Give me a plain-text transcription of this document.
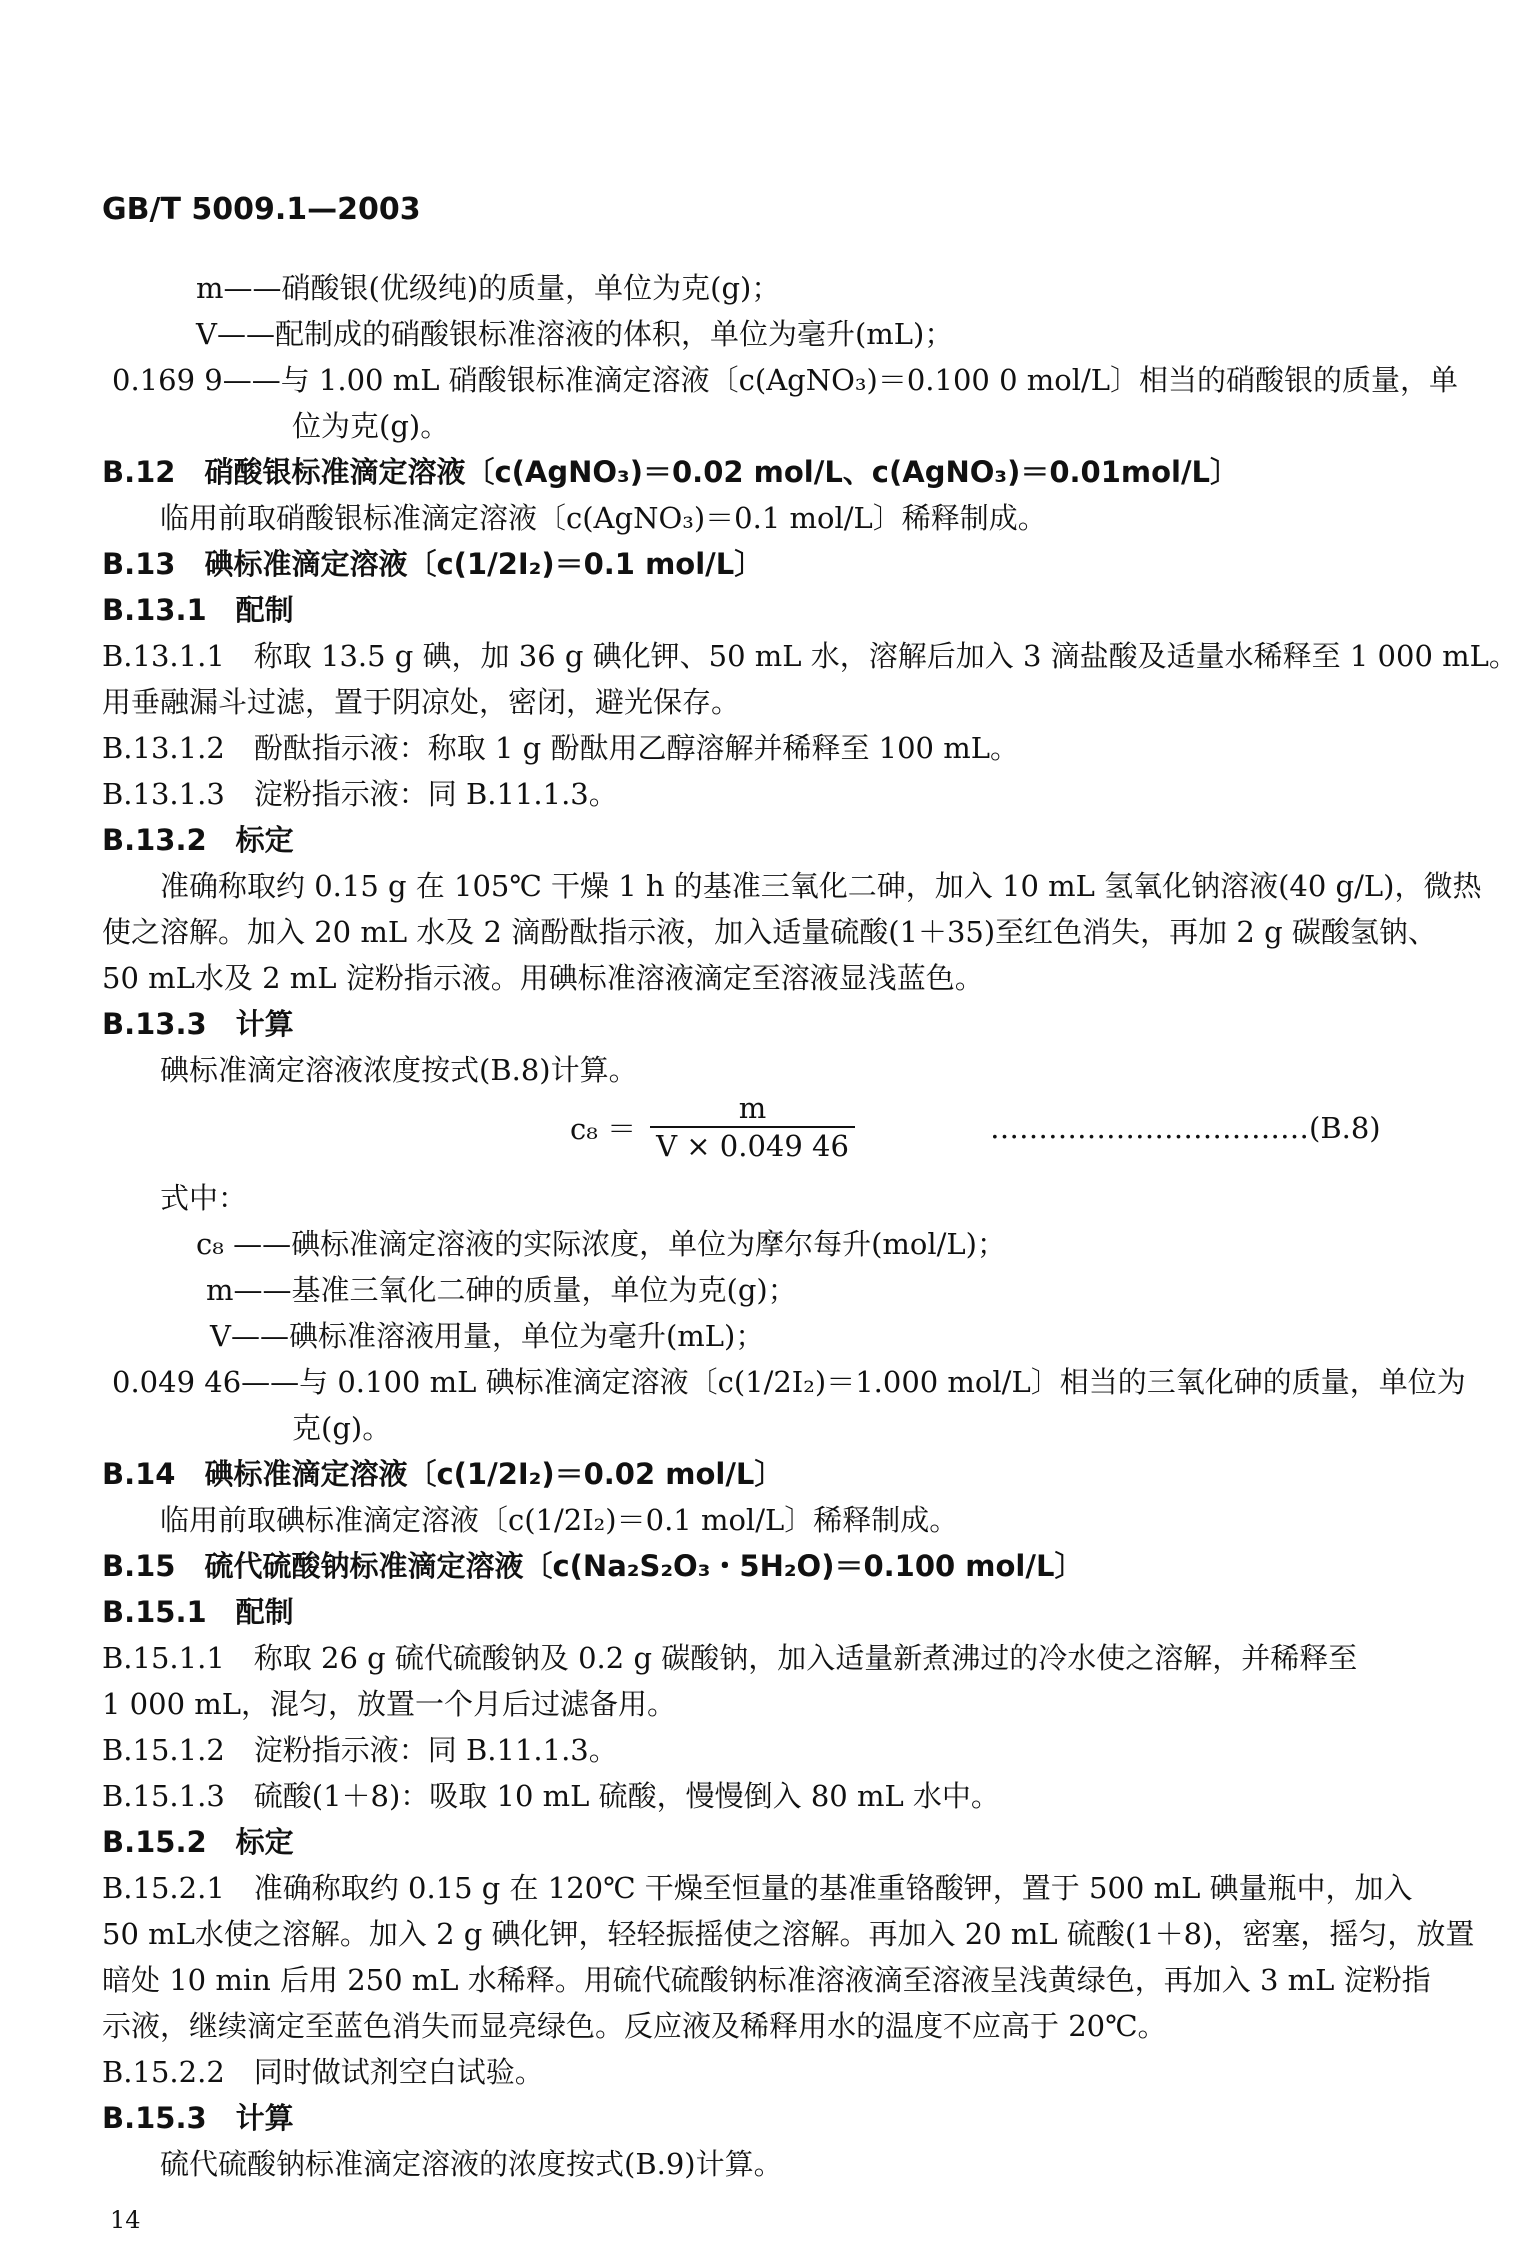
GB/T 5009.1—2003
m——硝酸银(优级纯)的质量，单位为克(g)；
V——配制成的硝酸银标准溶液的体积，单位为毫升(mL)；
0.169 9——与 1.00 mL 硝酸银标准滴定溶液〔c(AgNO₃)＝0.100 0 mol/L〕相当的硝酸银的质量，单
位为克(g)。
B.12　硝酸银标准滴定溶液〔c(AgNO₃)＝0.02 mol/L、c(AgNO₃)＝0.01mol/L〕
临用前取硝酸银标准滴定溶液〔c(AgNO₃)＝0.1 mol/L〕稀释制成。
B.13　碘标准滴定溶液〔c(1/2I₂)＝0.1 mol/L〕
B.13.1　配制
B.13.1.1　称取 13.5 g 碘，加 36 g 碘化钾、50 mL 水，溶解后加入 3 滴盐酸及适量水稀释至 1 000 mL。
用垂融漏斗过滤，置于阴凉处，密闭，避光保存。
B.13.1.2　酚酞指示液：称取 1 g 酚酞用乙醇溶解并稀释至 100 mL。
B.13.1.3　淀粉指示液：同 B.11.1.3。
B.13.2　标定
准确称取约 0.15 g 在 105℃ 干燥 1 h 的基准三氧化二砷，加入 10 mL 氢氧化钠溶液(40 g/L)，微热
使之溶解。加入 20 mL 水及 2 滴酚酞指示液，加入适量硫酸(1＋35)至红色消失，再加 2 g 碳酸氢钠、
50 mL水及 2 mL 淀粉指示液。用碘标准溶液滴定至溶液显浅蓝色。
B.13.3　计算
碘标准滴定溶液浓度按式(B.8)计算。
$c_8 = \frac{m}{V \times 0.049 46}$	……………………………(B.8)
式中：
c₈ ——碘标准滴定溶液的实际浓度，单位为摩尔每升(mol/L)；
m——基准三氧化二砷的质量，单位为克(g)；
V——碘标准溶液用量，单位为毫升(mL)；
0.049 46——与 0.100 mL 碘标准滴定溶液〔c(1/2I₂)＝1.000 mol/L〕相当的三氧化砷的质量，单位为
克(g)。
B.14　碘标准滴定溶液〔c(1/2I₂)＝0.02 mol/L〕
临用前取碘标准滴定溶液〔c(1/2I₂)＝0.1 mol/L〕稀释制成。
B.15　硫代硫酸钠标准滴定溶液〔c(Na₂S₂O₃・5H₂O)＝0.100 mol/L〕
B.15.1　配制
B.15.1.1　称取 26 g 硫代硫酸钠及 0.2 g 碳酸钠，加入适量新煮沸过的冷水使之溶解，并稀释至
1 000 mL，混匀，放置一个月后过滤备用。
B.15.1.2　淀粉指示液：同 B.11.1.3。
B.15.1.3　硫酸(1＋8)：吸取 10 mL 硫酸，慢慢倒入 80 mL 水中。
B.15.2　标定
B.15.2.1　准确称取约 0.15 g 在 120℃ 干燥至恒量的基准重铬酸钾，置于 500 mL 碘量瓶中，加入
50 mL水使之溶解。加入 2 g 碘化钾，轻轻振摇使之溶解。再加入 20 mL 硫酸(1＋8)，密塞，摇匀，放置
暗处 10 min 后用 250 mL 水稀释。用硫代硫酸钠标准溶液滴至溶液呈浅黄绿色，再加入 3 mL 淀粉指
示液，继续滴定至蓝色消失而显亮绿色。反应液及稀释用水的温度不应高于 20℃。
B.15.2.2　同时做试剂空白试验。
B.15.3　计算
硫代硫酸钠标准滴定溶液的浓度按式(B.9)计算。
14
